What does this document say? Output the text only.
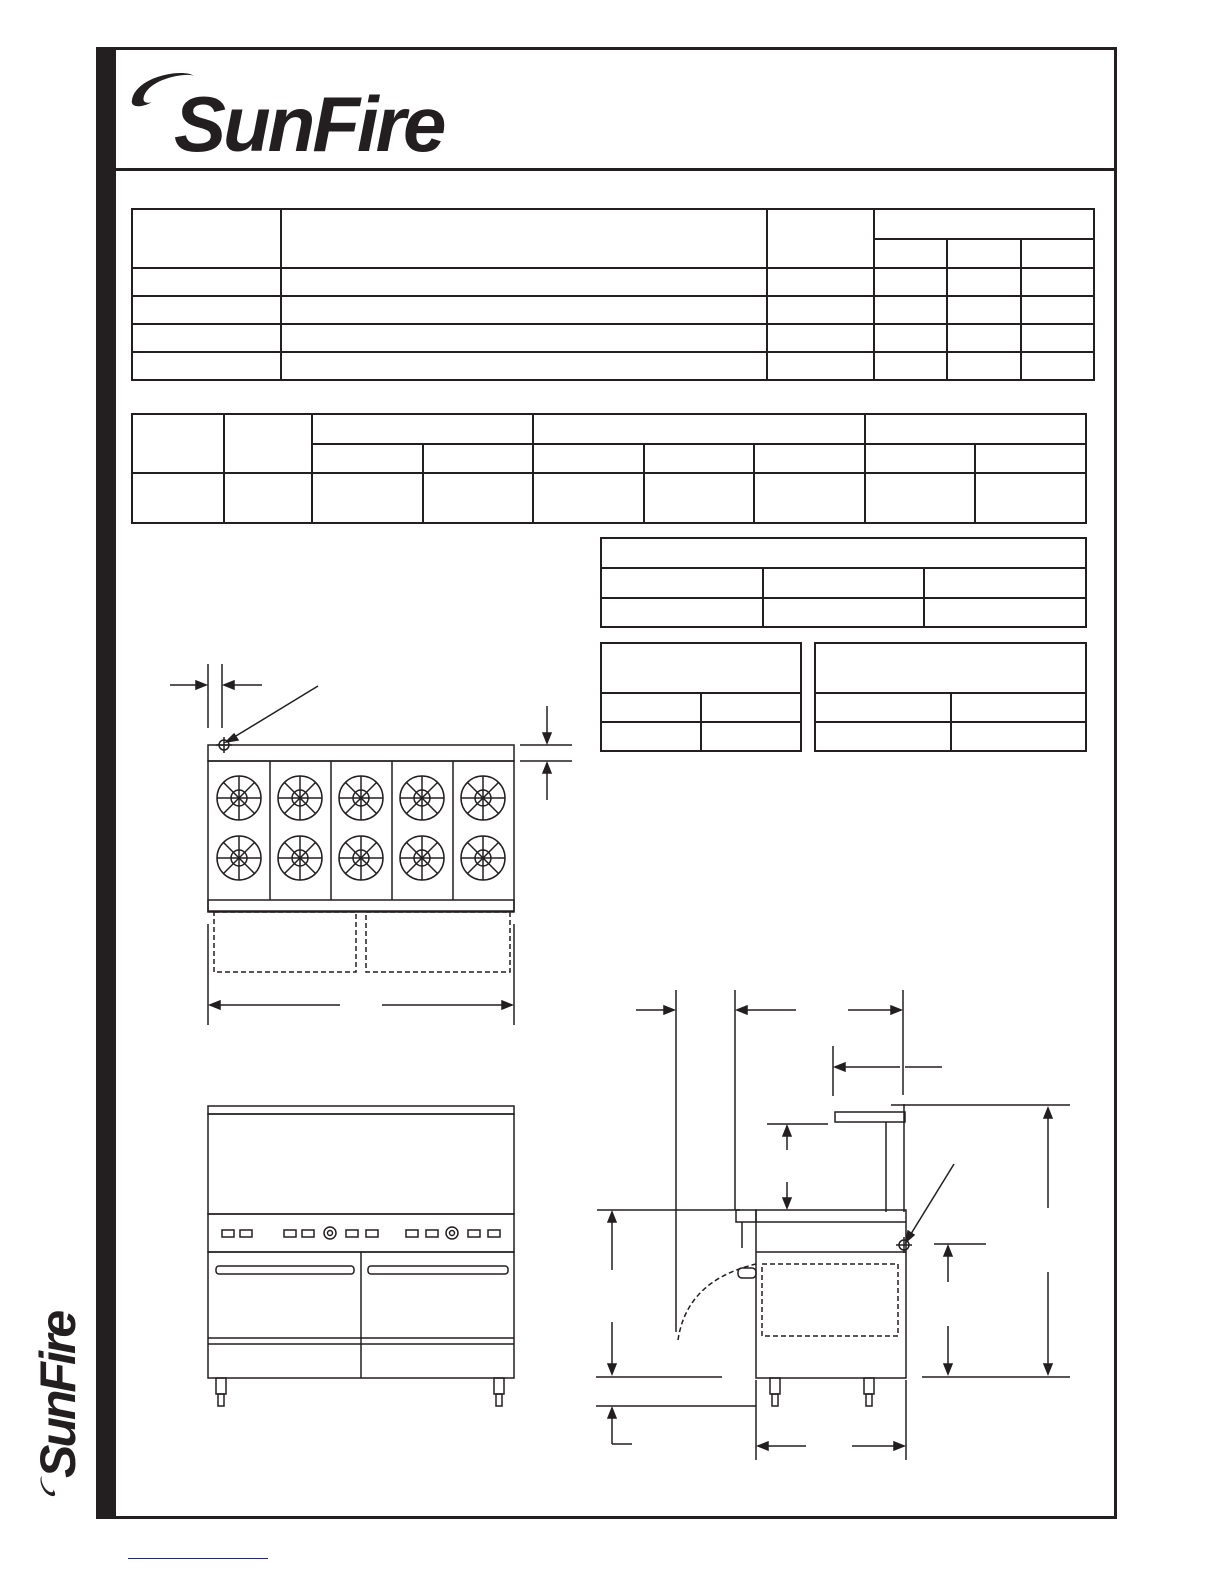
SunFire
SunFire
